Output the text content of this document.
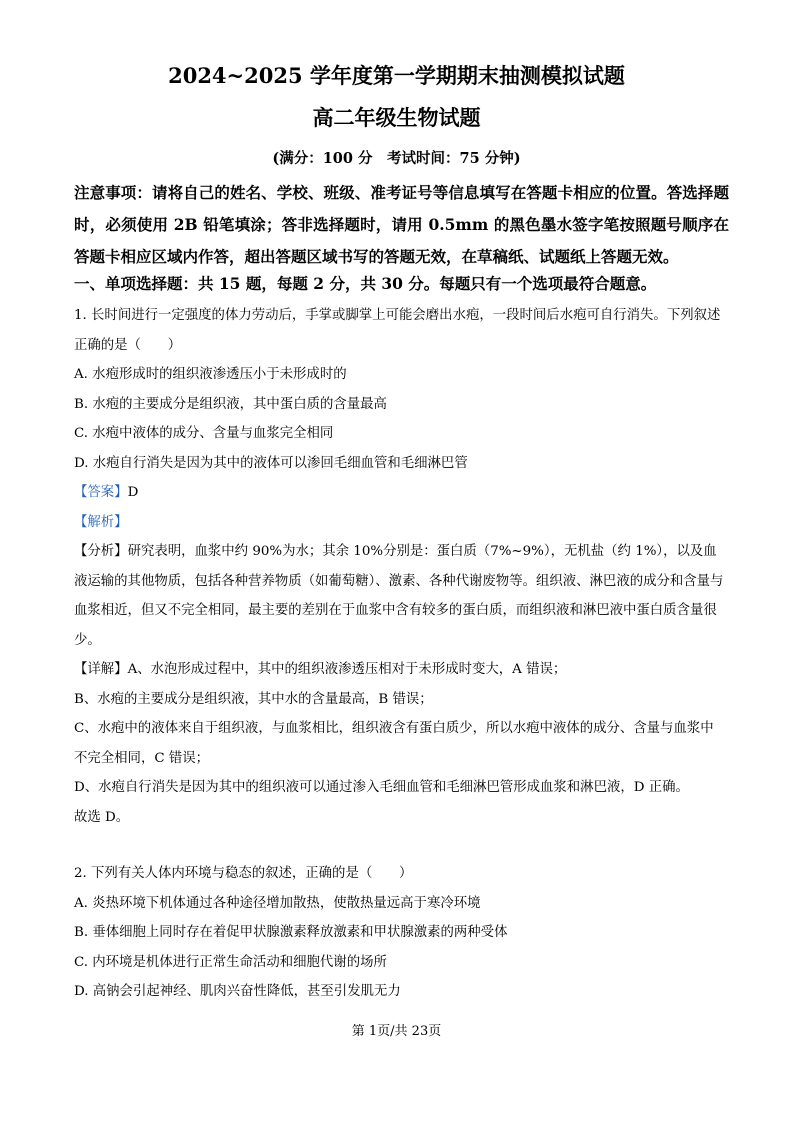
2024~2025 学年度第一学期期末抽测模拟试题
高二年级生物试题
(满分：100 分　考试时间：75 分钟)
注意事项：请将自己的姓名、学校、班级、准考证号等信息填写在答题卡相应的位置。答选择题时，必须使用 2B 铅笔填涂；答非选择题时，请用 0.5mm 的黑色墨水签字笔按照题号顺序在答题卡相应区域内作答，超出答题区域书写的答题无效，在草稿纸、试题纸上答题无效。
一、单项选择题：共 15 题，每题 2 分，共 30 分。每题只有一个选项最符合题意。

1. 长时间进行一定强度的体力劳动后，手掌或脚掌上可能会磨出水疱，一段时间后水疱可自行消失。下列叙述正确的是（　　）

A. 水疱形成时的组织液渗透压小于未形成时的

B. 水疱的主要成分是组织液，其中蛋白质的含量最高

C. 水疱中液体的成分、含量与血浆完全相同

D. 水疱自行消失是因为其中的液体可以渗回毛细血管和毛细淋巴管

【答案】D

【解析】

【分析】研究表明，血浆中约 90%为水；其余 10%分别是：蛋白质（7%~9%），无机盐（约 1%），以及血液运输的其他物质，包括各种营养物质（如葡萄糖）、激素、各种代谢废物等。组织液、淋巴液的成分和含量与血浆相近，但又不完全相同，最主要的差别在于血浆中含有较多的蛋白质，而组织液和淋巴液中蛋白质含量很少。

【详解】A、水泡形成过程中，其中的组织液渗透压相对于未形成时变大，A 错误；

B、水疱的主要成分是组织液，其中水的含量最高，B 错误；

C、水疱中的液体来自于组织液，与血浆相比，组织液含有蛋白质少，所以水疱中液体的成分、含量与血浆中不完全相同，C 错误；

D、水疱自行消失是因为其中的组织液可以通过渗入毛细血管和毛细淋巴管形成血浆和淋巴液，D 正确。

故选 D。

2. 下列有关人体内环境与稳态的叙述，正确的是（　　）

A. 炎热环境下机体通过各种途径增加散热，使散热量远高于寒冷环境

B. 垂体细胞上同时存在着促甲状腺激素释放激素和甲状腺激素的两种受体

C. 内环境是机体进行正常生命活动和细胞代谢的场所

D. 高钠会引起神经、肌肉兴奋性降低，甚至引发肌无力

第 1页/共 23页
